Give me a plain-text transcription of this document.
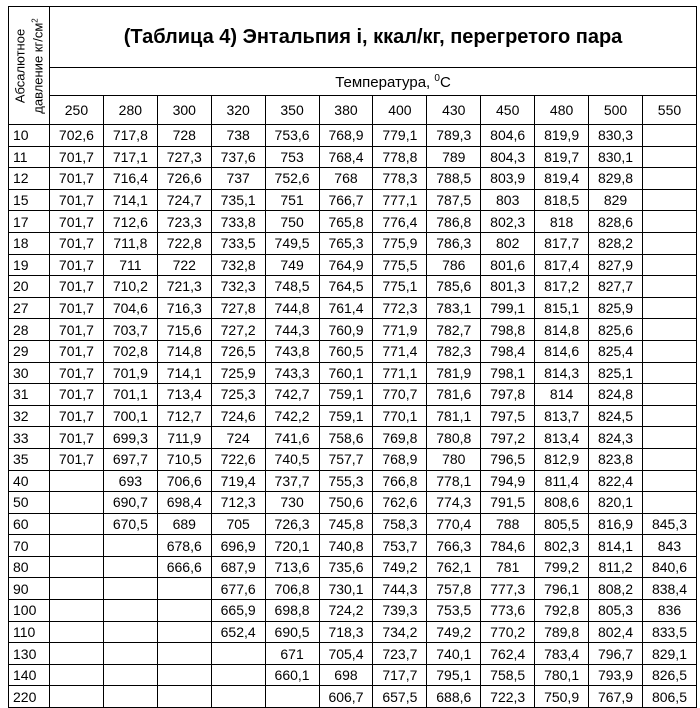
Абсалютное давление $кг/см^2$	(Таблица 4) Энтальпия i, ккал/кг, перегретого пара											
	Температура, $^0$С											
	250	280	300	320	350	380	400	430	450	480	500	550
10	702,6	717,8	728	738	753,6	768,9	779,1	789,3	804,6	819,9	830,3	
11	701,7	717,1	727,3	737,6	753	768,4	778,8	789	804,3	819,7	830,1	
12	701,7	716,4	726,6	737	752,6	768	778,3	788,5	803,9	819,4	829,8	
15	701,7	714,1	724,7	735,1	751	766,7	777,1	787,5	803	818,5	829	
17	701,7	712,6	723,3	733,8	750	765,8	776,4	786,8	802,3	818	828,6	
18	701,7	711,8	722,8	733,5	749,5	765,3	775,9	786,3	802	817,7	828,2	
19	701,7	711	722	732,8	749	764,9	775,5	786	801,6	817,4	827,9	
20	701,7	710,2	721,3	732,3	748,5	764,5	775,1	785,6	801,3	817,2	827,7	
27	701,7	704,6	716,3	727,8	744,8	761,4	772,3	783,1	799,1	815,1	825,9	
28	701,7	703,7	715,6	727,2	744,3	760,9	771,9	782,7	798,8	814,8	825,6	
29	701,7	702,8	714,8	726,5	743,8	760,5	771,4	782,3	798,4	814,6	825,4	
30	701,7	701,9	714,1	725,9	743,3	760,1	771,1	781,9	798,1	814,3	825,1	
31	701,7	701,1	713,4	725,3	742,7	759,1	770,7	781,6	797,8	814	824,8	
32	701,7	700,1	712,7	724,6	742,2	759,1	770,1	781,1	797,5	813,7	824,5	
33	701,7	699,3	711,9	724	741,6	758,6	769,8	780,8	797,2	813,4	824,3	
35	701,7	697,7	710,5	722,6	740,5	757,7	768,9	780	796,5	812,9	823,8	
40		693	706,6	719,4	737,7	755,3	766,8	778,1	794,9	811,4	822,4	
50		690,7	698,4	712,3	730	750,6	762,6	774,3	791,5	808,6	820,1	
60		670,5	689	705	726,3	745,8	758,3	770,4	788	805,5	816,9	845,3
70			678,6	696,9	720,1	740,8	753,7	766,3	784,6	802,3	814,1	843
80			666,6	687,9	713,6	735,6	749,2	762,1	781	799,2	811,2	840,6
90				677,6	706,8	730,1	744,3	757,8	777,3	796,1	808,2	838,4
100				665,9	698,8	724,2	739,3	753,5	773,6	792,8	805,3	836
110				652,4	690,5	718,3	734,2	749,2	770,2	789,8	802,4	833,5
130					671	705,4	723,7	740,1	762,4	783,4	796,7	829,1
140					660,1	698	717,7	795,1	758,5	780,1	793,9	826,5
220						606,7	657,5	688,6	722,3	750,9	767,9	806,5
